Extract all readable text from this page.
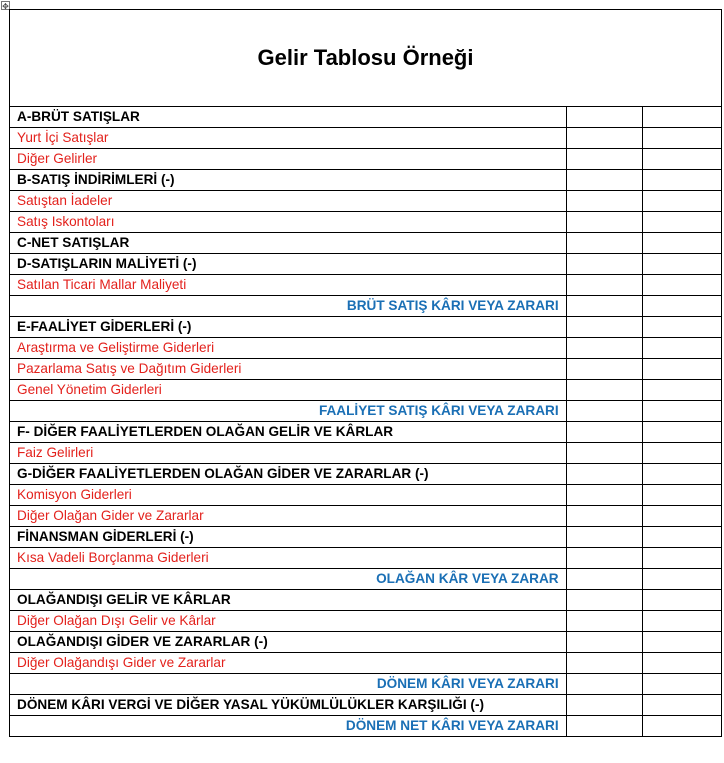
✥
Gelir Tablosu Örneği		
A-BRÜT SATIŞLAR		
Yurt İçi Satışlar		
Diğer Gelirler		
B-SATIŞ İNDİRİMLERİ (-)		
Satıştan İadeler		
Satış Iskontoları		
C-NET SATIŞLAR		
D-SATIŞLARIN MALİYETİ (-)		
Satılan Ticari Mallar Maliyeti		
BRÜT SATIŞ KÂRI VEYA ZARARI		
E-FAALİYET GİDERLERİ (-)		
Araştırma ve Geliştirme Giderleri		
Pazarlama Satış ve Dağıtım Giderleri		
Genel Yönetim Giderleri		
FAALİYET SATIŞ KÂRI VEYA ZARARI		
F- DİĞER FAALİYETLERDEN OLAĞAN GELİR VE KÂRLAR		
Faiz Gelirleri		
G-DİĞER FAALİYETLERDEN OLAĞAN GİDER VE ZARARLAR (-)		
Komisyon Giderleri		
Diğer Olağan Gider ve Zararlar		
FİNANSMAN GİDERLERİ (-)		
Kısa Vadeli Borçlanma Giderleri		
OLAĞAN KÂR VEYA ZARAR		
OLAĞANDIŞI GELİR VE KÂRLAR		
Diğer Olağan Dışı Gelir ve Kârlar		
OLAĞANDIŞI GİDER VE ZARARLAR (-)		
Diğer Olağandışı Gider ve Zararlar		
DÖNEM KÂRI VEYA ZARARI		
DÖNEM KÂRI VERGİ VE DİĞER YASAL YÜKÜMLÜLÜKLER KARŞILIĞI (-)		
DÖNEM NET KÂRI VEYA ZARARI		
